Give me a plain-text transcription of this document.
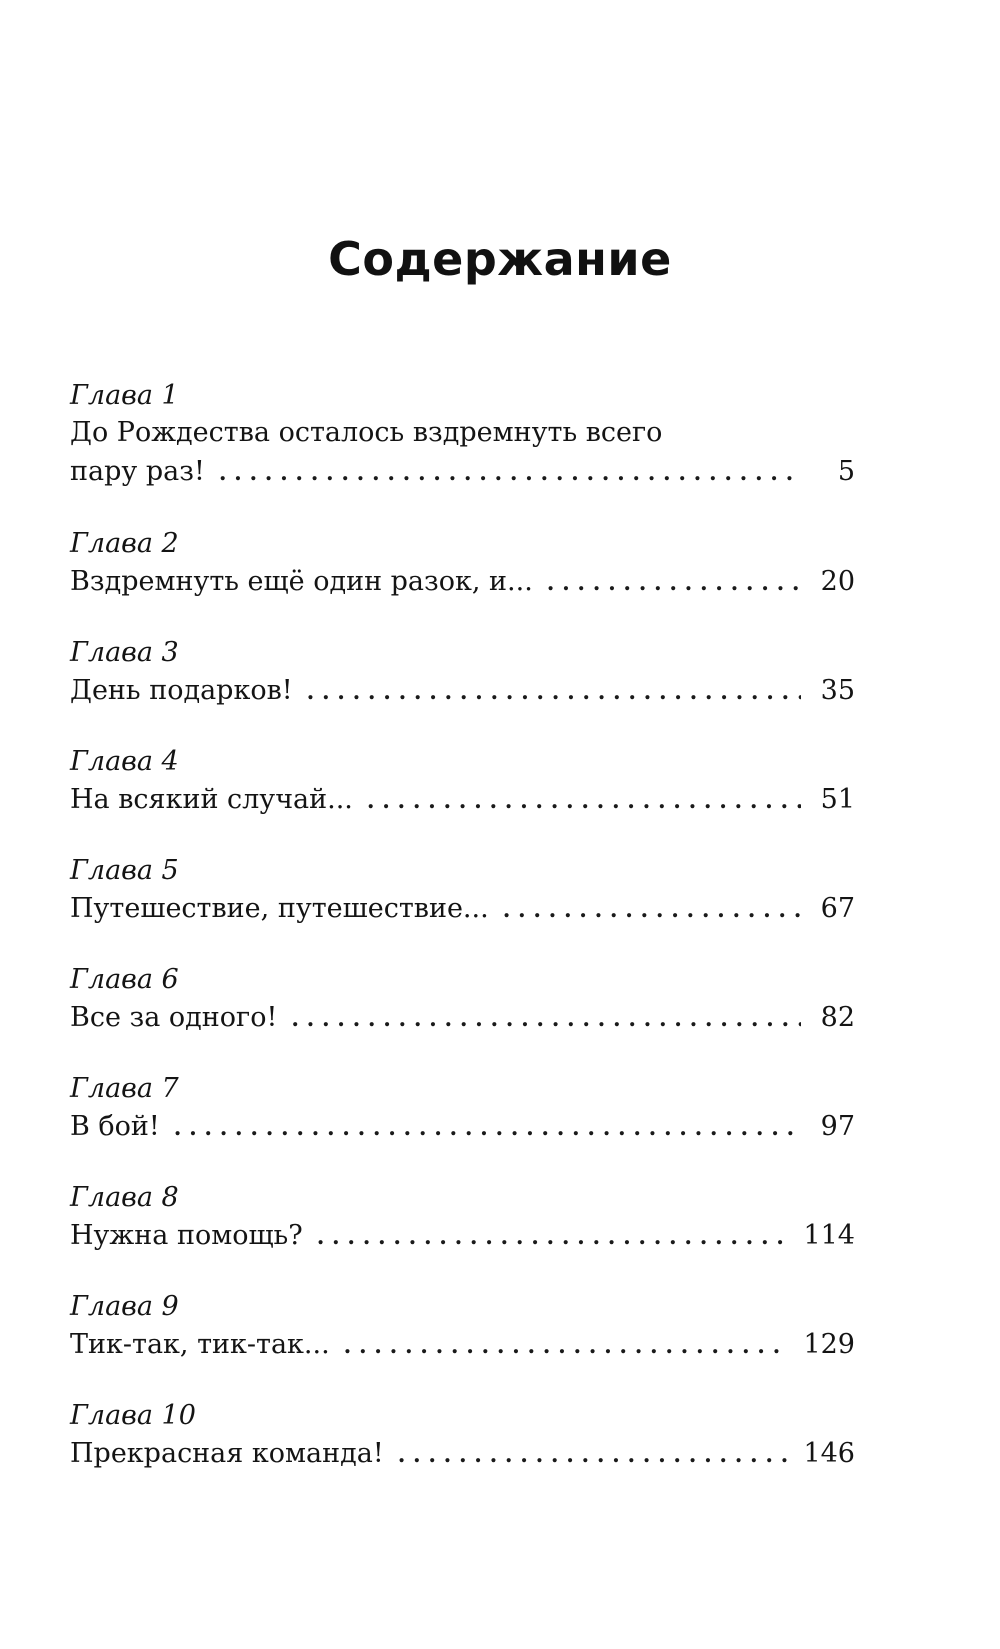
Содержание
Глава 1
До Рождества осталось вздремнуть всего
пару раз! . . .	5
Глава 2
Вздремнуть ещё один разок, и... . . .	20
Глава 3
День подарков! . . .	35
Глава 4
На всякий случай... . . .	51
Глава 5
Путешествие, путешествие... . . .	67
Глава 6
Все за одного! . . .	82
Глава 7
В бой! . . .	97
Глава 8
Нужна помощь? . . .	114
Глава 9
Тик-так, тик-так... . . .	129
Глава 10
Прекрасная команда! . . .	146
